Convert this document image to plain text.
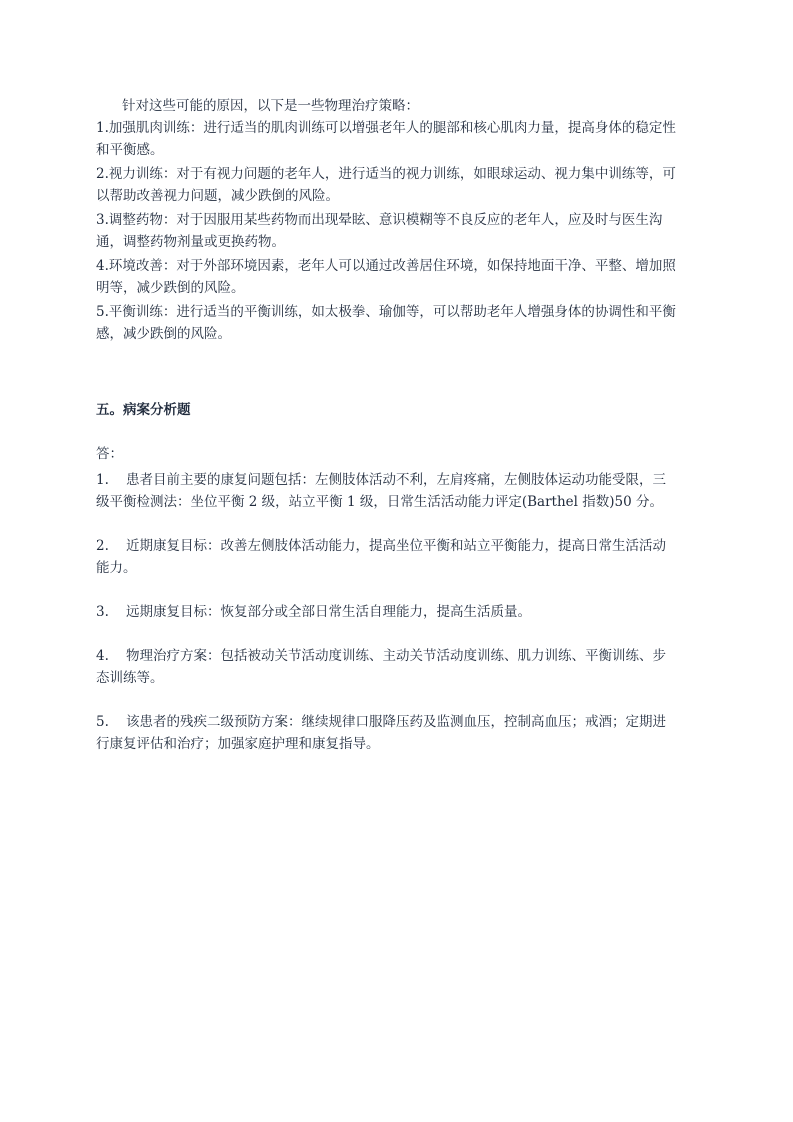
针对这些可能的原因，以下是一些物理治疗策略：

1.加强肌肉训练：进行适当的肌肉训练可以增强老年人的腿部和核心肌肉力量，提高身体的稳定性和平衡感。

2.视力训练：对于有视力问题的老年人，进行适当的视力训练，如眼球运动、视力集中训练等，可以帮助改善视力问题，减少跌倒的风险。

3.调整药物：对于因服用某些药物而出现晕眩、意识模糊等不良反应的老年人，应及时与医生沟通，调整药物剂量或更换药物。

4.环境改善：对于外部环境因素，老年人可以通过改善居住环境，如保持地面干净、平整、增加照明等，减少跌倒的风险。

5.平衡训练：进行适当的平衡训练，如太极拳、瑜伽等，可以帮助老年人增强身体的协调性和平衡感，减少跌倒的风险。

五。病案分析题

答：

1. 患者目前主要的康复问题包括：左侧肢体活动不利，左肩疼痛，左侧肢体运动功能受限，三级平衡检测法：坐位平衡 2 级，站立平衡 1 级，日常生活活动能力评定(Barthel 指数)50 分。

2. 近期康复目标：改善左侧肢体活动能力，提高坐位平衡和站立平衡能力，提高日常生活活动能力。

3. 远期康复目标：恢复部分或全部日常生活自理能力，提高生活质量。

4. 物理治疗方案：包括被动关节活动度训练、主动关节活动度训练、肌力训练、平衡训练、步态训练等。

5. 该患者的残疾二级预防方案：继续规律口服降压药及监测血压，控制高血压；戒酒；定期进行康复评估和治疗；加强家庭护理和康复指导。
